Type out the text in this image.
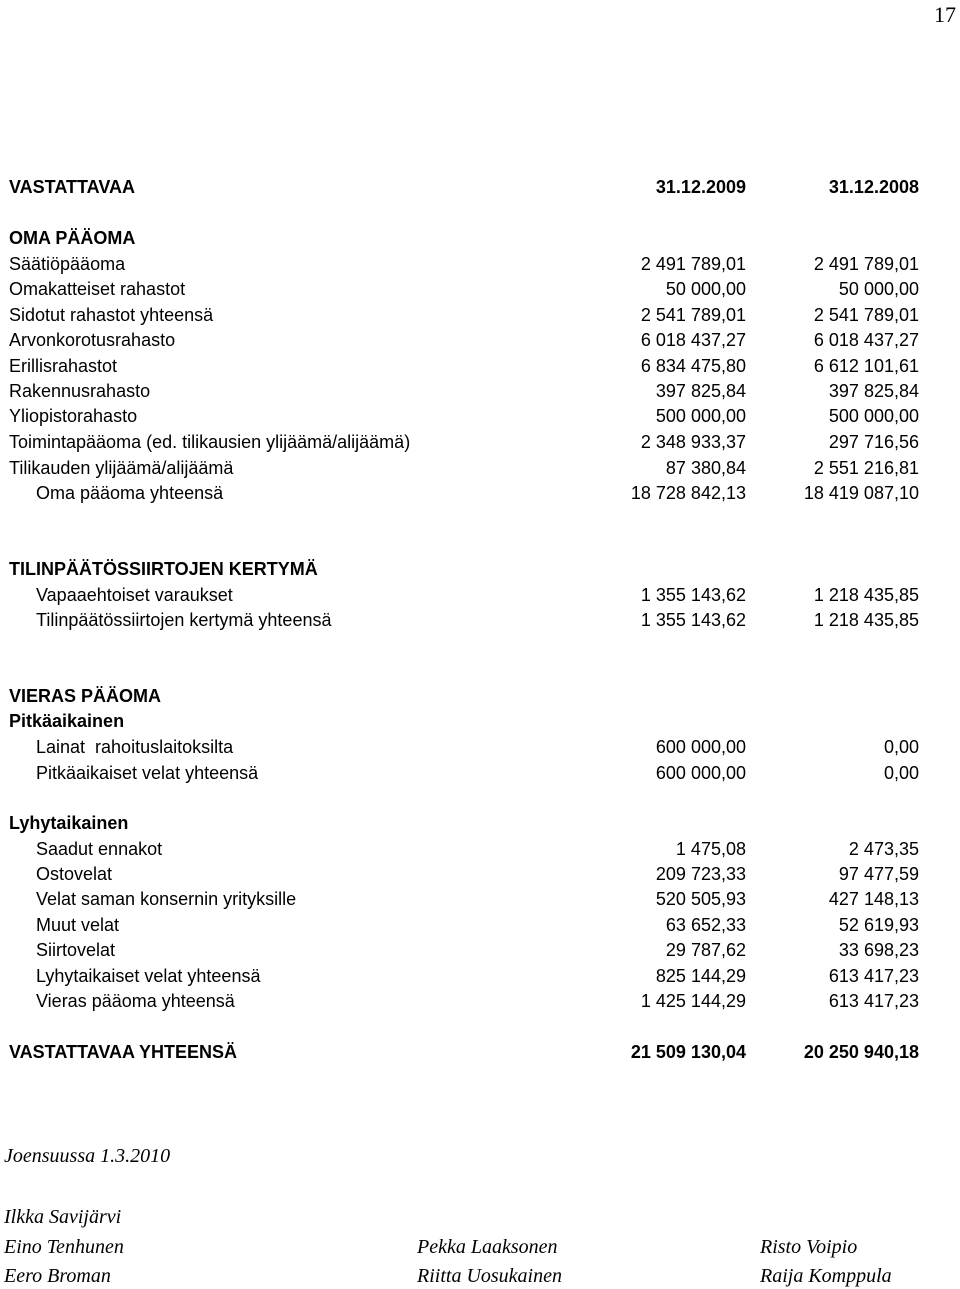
17
VASTATTAVAA	31.12.2009	31.12.2008
OMA PÄÄOMA
Säätiöpääoma	2 491 789,01	2 491 789,01
Omakatteiset rahastot	50 000,00	50 000,00
Sidotut rahastot yhteensä	2 541 789,01	2 541 789,01
Arvonkorotusrahasto	6 018 437,27	6 018 437,27
Erillisrahastot	6 834 475,80	6 612 101,61
Rakennusrahasto	397 825,84	397 825,84
Yliopistorahasto	500 000,00	500 000,00
Toimintapääoma (ed. tilikausien ylijäämä/alijäämä)	2 348 933,37	297 716,56
Tilikauden ylijäämä/alijäämä	87 380,84	2 551 216,81
Oma pääoma yhteensä	18 728 842,13	18 419 087,10
TILINPÄÄTÖSSIIRTOJEN KERTYMÄ
Vapaaehtoiset varaukset	1 355 143,62	1 218 435,85
Tilinpäätössiirtojen kertymä yhteensä	1 355 143,62	1 218 435,85
VIERAS PÄÄOMA
Pitkäaikainen
Lainat  rahoituslaitoksilta	600 000,00	0,00
Pitkäaikaiset velat yhteensä	600 000,00	0,00
Lyhytaikainen
Saadut ennakot	1 475,08	2 473,35
Ostovelat	209 723,33	97 477,59
Velat saman konsernin yrityksille	520 505,93	427 148,13
Muut velat	63 652,33	52 619,93
Siirtovelat	29 787,62	33 698,23
Lyhytaikaiset velat yhteensä	825 144,29	613 417,23
Vieras pääoma yhteensä	1 425 144,29	613 417,23
VASTATTAVAA YHTEENSÄ	21 509 130,04	20 250 940,18
Joensuussa 1.3.2010
Ilkka Savijärvi
Eino Tenhunen	Pekka Laaksonen	Risto Voipio
Eero Broman	Riitta Uosukainen	Raija Komppula
